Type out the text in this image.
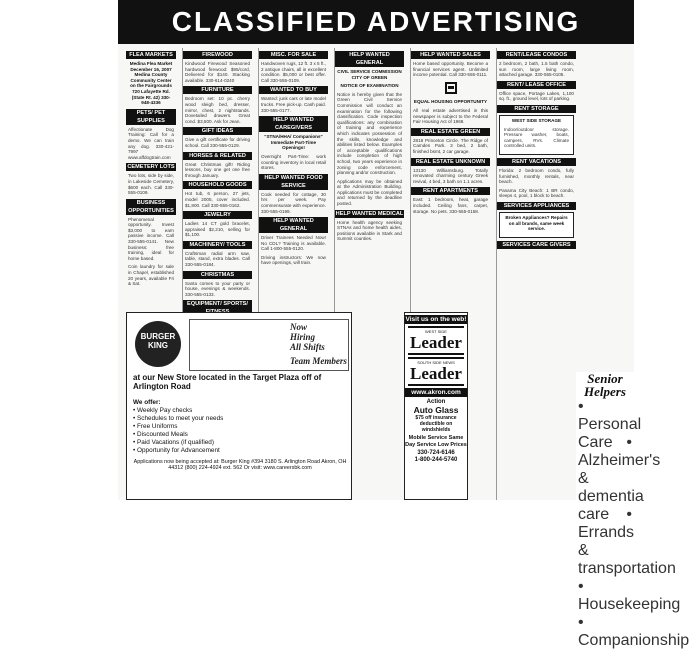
CLASSIFIED ADVERTISING
FLEA MARKETS
Medina Flea Market December 16, 2007 Medina County Community Center on the Fairgrounds 720 Lafayette Rd. (State Rt. 42) 330-948-4336
PETS/ PET SUPPLIES
Affectionate Dog Training: Call for a demo. We can train any dog. 330-421-7997 www.affdogtrain.com
CEMETERY LOTS
Two lots, side by side, in Lakeside Cemetery, $600 each. Call 330-555-0109.
BUSINESS OPPORTUNITIES
Phenomenal opportunity. Invest $3,000 to earn passive income. Call 330-555-0141. New business: free training, ideal for home based.
Coin laundry for sale in Chapel, established 20 years, available Fri & Sat.
FIREWOOD
Kindwood Firewood Seasoned hardwood firewood: $95/cord, Delivered for $140. Stacking available. 330-614-0240
FURNITURE
Bedroom set: 10 pc. cherry wood sleigh bed, dresser, mirror, chest, 2 nightstands. Dovetailed drawers. Great cond. $3,500. Ask for Jean.
GIFT IDEAS
Give a gift certificate for driving school. Call 330-555-0129.
HORSES & RELATED
Great Christmas gift! Riding lessons, buy one get one free through January.
HOUSEHOLD GOODS
Hot tub, 6 person, 27 jets, model 2005, cover included. $1,800. Call 330-555-0162.
JEWELRY
Ladies 14 CT gold bracelet, appraised $2,210, selling for $1,100.
MACHINERY/ TOOLS
Craftsman radial arm saw, table, stand, extra blades. Call 330-555-0184.
CHRISTMAS
Santa comes to your party or house, evenings & weekends. 330-555-0133.
EQUIPMENT/ SPORTS/
MISC. FOR SALE
Handwoven rugs, 12 ft. 3 x 5 ft., 2 antique chairs, all in excellent condition. $5,000 or best offer. Call 330-555-0109.
WANTED TO BUY
Wanted: junk cars or late model trucks. Free pick-up. Cash paid. 330-555-0177.
HELP WANTED CAREGIVERS
"STNA/HHA/ Companions" Immediate Part-Time Openings!
Overnight Part-Time: work counting inventory in local retail stores.
HELP WANTED FOOD SERVICE
Cook needed for cottage, 30 hrs per week. Pay commensurate with experience. 330-555-0199.
HELP WANTED GENERAL
Driver Trainees Needed Now! No CDL? Training is available. Call 1-800-555-0120.
Driving instructors: We now have openings, will train.
HELP WANTED GENERAL
CIVIL SERVICE COMMISSION CITY OF GREEN
NOTICE OF EXAMINATION
Notice is hereby given that the Green Civil Service Commission will conduct an examination for the following classification. Code inspection qualifications: any combination of training and experience which indicates possession of the skills, knowledge and abilities listed below. Examples of acceptable qualifications include completion of high school, two years experience in zoning code enforcement, planning and/or construction.
Applications may be obtained at the Administration Building. Applications must be completed and returned by the deadline posted.
HELP WANTED MEDICAL
Home health agency seeking STNAs and home health aides, positions available in Stark and Summit counties.
HELP WANTED SALES
Home based opportunity. Become a financial services agent. Unlimited income potential. Call 330-555-0111.
EQUAL HOUSING OPPORTUNITY
All real estate advertised in this newspaper is subject to the Federal Fair Housing Act of 1968.
REAL ESTATE GREEN
2818 Princeton Circle. The Ridge of Camden Park. 3 bed, 2 bath, finished bsmt, 2 car garage.
REAL ESTATE UNKNOWN
13130 Williamsburg. Totally renovated charming century Greek revival, 4 bed, 3 bath on 1.1 acres.
RENT APARTMENTS
East: 1 bedroom, heat, garage included. Ceiling fans, carpet, storage. No pets. 330-555-0158.
RENT/LEASE CONDOS
2 bedroom, 2 bath, 1.5 bath condo, sun room, large living room, attached garage. 330-555-0105.
RENT/ LEASE OFFICE
Office space, Portage Lakes, 1,100 sq. ft., ground level, lots of parking.
RENT STORAGE
WEST SIDE STORAGE
Indoor/outdoor storage. Pressure washer, boats, campers, RVs. Climate controlled units.
RENT VACATIONS
Florida: 2 bedroom condo, fully furnished, monthly rentals, near beach.
Panama City Beach: 1 BR condo, sleeps 4, pool, 1 block to beach.
SERVICES APPLIANCES
Broken Appliances? Repairs on all brands, same week service.
SERVICES CARE GIVERS
Senior Helpers
• Personal Care • Alzheimer's & dementia care • Errands & transportation • Housekeeping • Companionship
BURGER KING
Now
Hiring
All Shifts
Team Members
at our New Store located in the Target Plaza off of Arlington Road
We offer:
• Weekly Pay checks
• Schedules to meet your needs
• Free Uniforms
• Discounted Meals
• Paid Vacations (if qualified)
• Opportunity for Advancement
Applications now being accepted at: Burger King #394 3180 S. Arlington Road Akron, OH 44312 (800) 224-4924 ext. 562 Or visit: www.careersbk.com
Visit us on the web!
WEST SIDE
Leader
SOUTH SIDE NEWS
Leader
www.akron.com
Action
Auto Glass
$75 off insurance deductible on windshields
Mobile Service Same Day Service Low Prices
330-724-6146
1-800-244-5740
